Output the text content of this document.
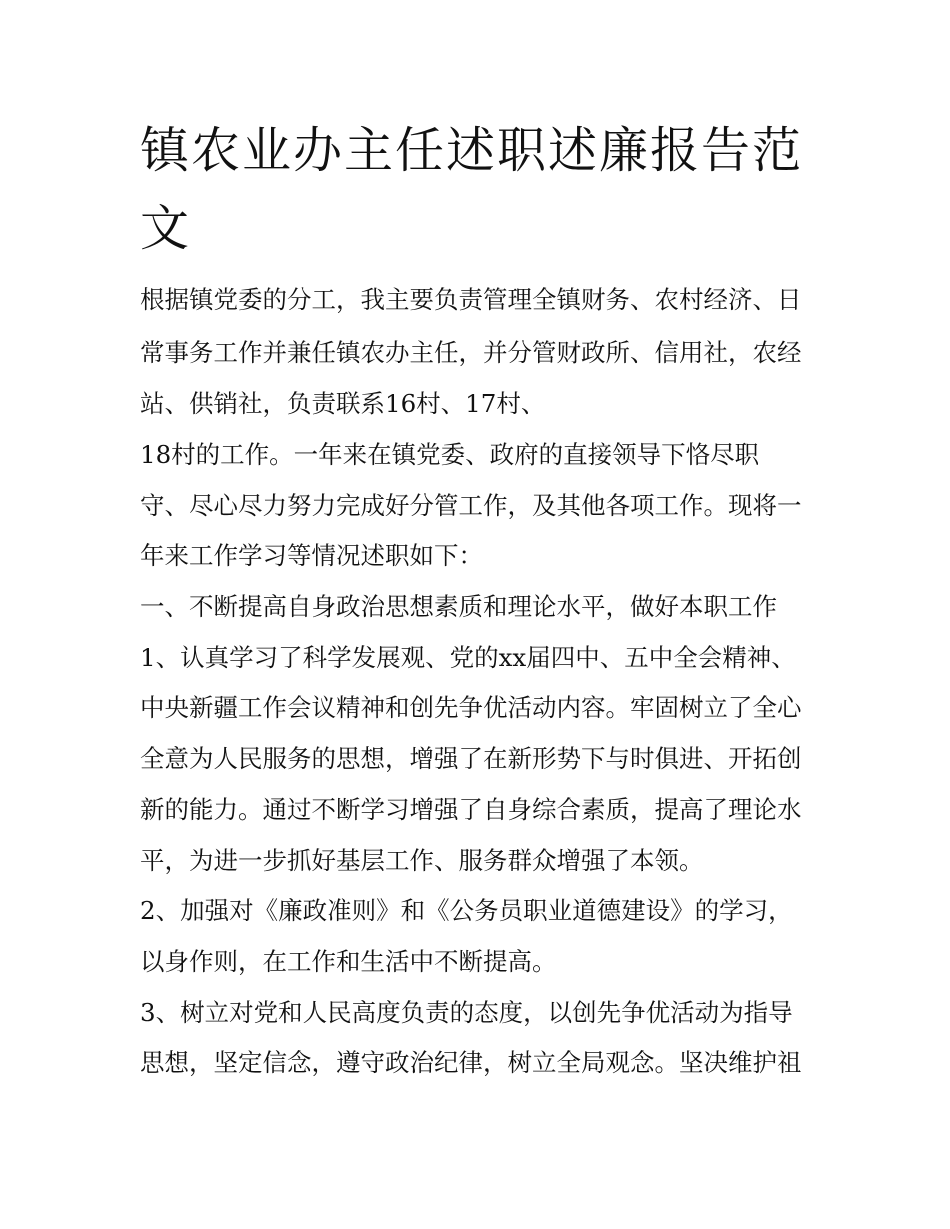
镇农业办主任述职述廉报告范文

根据镇党委的分工，我主要负责管理全镇财务、农村经济、日

常事务工作并兼任镇农办主任，并分管财政所、信用社，农经

站、供销社，负责联系16村、17村、

18村的工作。一年来在镇党委、政府的直接领导下恪尽职

守、尽心尽力努力完成好分管工作，及其他各项工作。现将一

年来工作学习等情况述职如下：

一、不断提高自身政治思想素质和理论水平，做好本职工作

1、认真学习了科学发展观、党的xx届四中、五中全会精神、

中央新疆工作会议精神和创先争优活动内容。牢固树立了全心

全意为人民服务的思想，增强了在新形势下与时俱进、开拓创

新的能力。通过不断学习增强了自身综合素质，提高了理论水

平，为进一步抓好基层工作、服务群众增强了本领。

2、加强对《廉政准则》和《公务员职业道德建设》的学习，

以身作则，在工作和生活中不断提高。

3、树立对党和人民高度负责的态度，以创先争优活动为指导

思想，坚定信念，遵守政治纪律，树立全局观念。坚决维护祖
